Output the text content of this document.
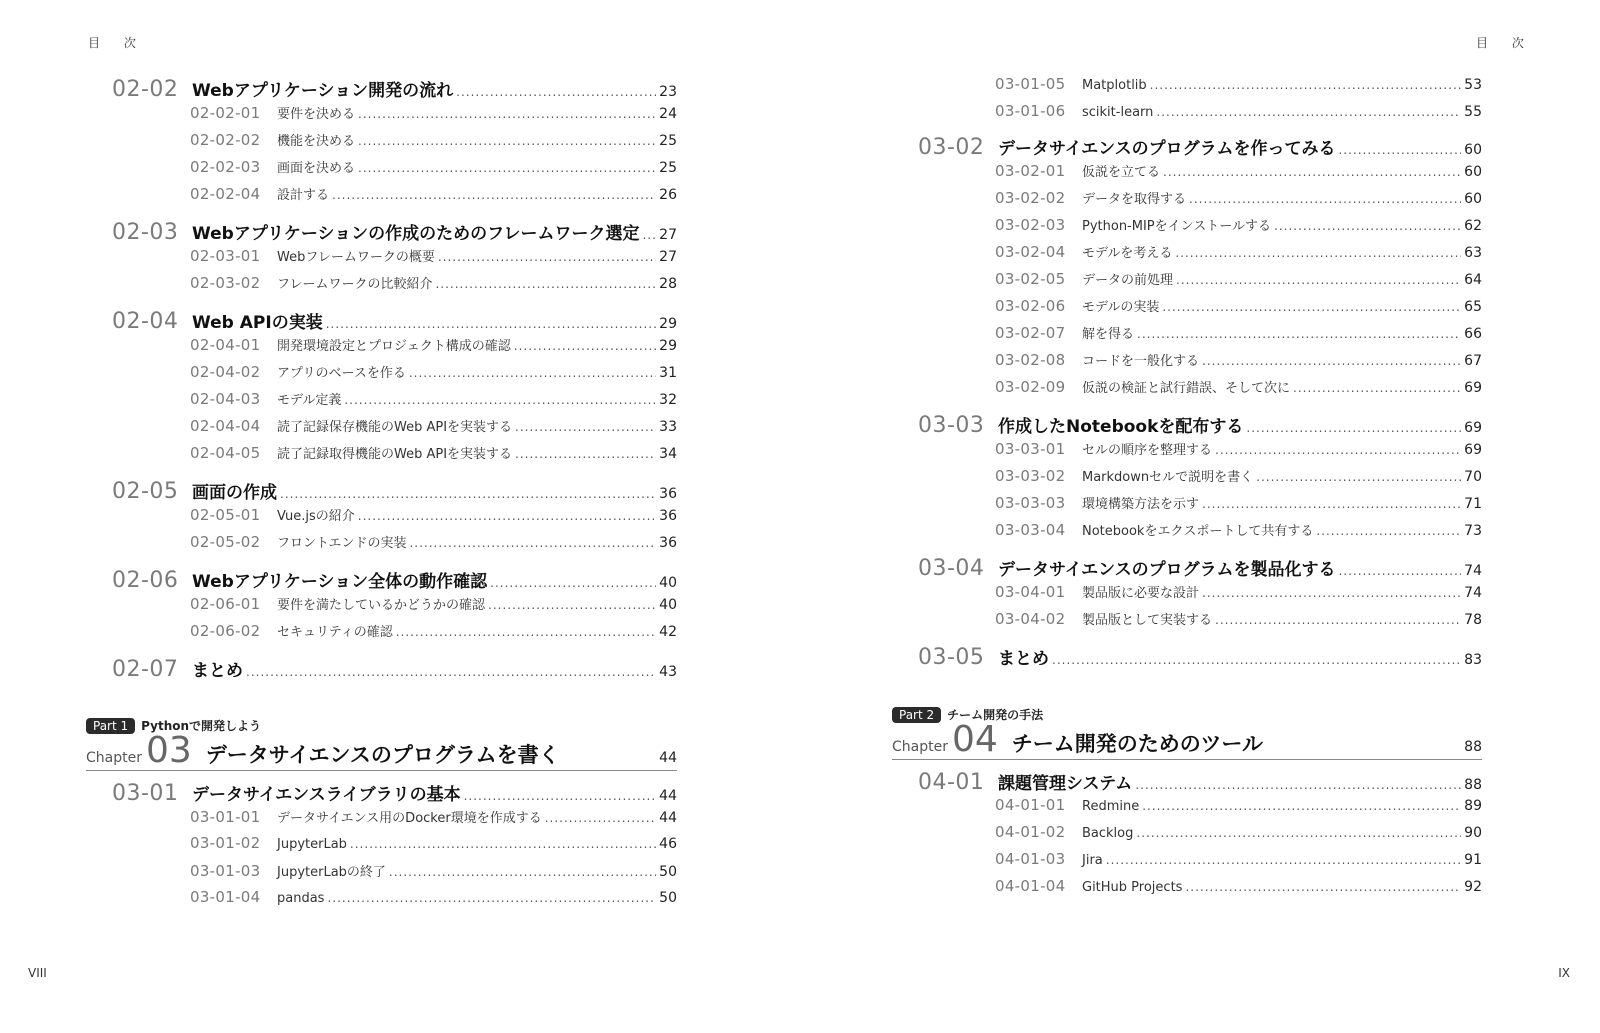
目 次
02-02 Webアプリケーション開発の流れ .....	23
02-02-01	要件を決める .....	24
02-02-02	機能を決める .....	25
02-02-03	画面を決める .....	25
02-02-04	設計する .....	26
02-03 Webアプリケーションの作成のためのフレームワーク選定 ..... 27
02-03-01	Webフレームワークの概要 .....	27
02-03-02	フレームワークの比較紹介 .....	28
02-04 Web APIの実装 .....	29
02-04-01	開発環境設定とプロジェクト構成の確認 .....	29
02-04-02	アプリのベースを作る .....	31
02-04-03	モデル定義 .....	32
02-04-04	読了記録保存機能のWeb APIを実装する .....	33
02-04-05	読了記録取得機能のWeb APIを実装する .....	34
02-05 画面の作成 .....	36
02-05-01	Vue.jsの紹介 .....	36
02-05-02	フロントエンドの実装 .....	36
02-06 Webアプリケーション全体の動作確認 .....	40
02-06-01	要件を満たしているかどうかの確認 .....	40
02-06-02	セキュリティの確認 .....	42
02-07 まとめ .....	43
Part 1	Pythonで開発しよう
Chapter 03 データサイエンスのプログラムを書く	44
03-01 データサイエンスライブラリの基本 .....	44
03-01-01	データサイエンス用のDocker環境を作成する .....	44
03-01-02	JupyterLab .....	46
03-01-03	JupyterLabの終了 .....	50
03-01-04	pandas .....	50
VIII
目 次
03-01-05	Matplotlib .....	53
03-01-06	scikit-learn .....	55
03-02 データサイエンスのプログラムを作ってみる .....	60
03-02-01	仮説を立てる .....	60
03-02-02	データを取得する .....	60
03-02-03	Python-MIPをインストールする .....	62
03-02-04	モデルを考える .....	63
03-02-05	データの前処理 .....	64
03-02-06	モデルの実装 .....	65
03-02-07	解を得る .....	66
03-02-08	コードを一般化する .....	67
03-02-09	仮説の検証と試行錯誤、そして次に .....	69
03-03 作成したNotebookを配布する .....	69
03-03-01	セルの順序を整理する .....	69
03-03-02	Markdownセルで説明を書く .....	70
03-03-03	環境構築方法を示す .....	71
03-03-04	Notebookをエクスポートして共有する .....	73
03-04 データサイエンスのプログラムを製品化する .....	74
03-04-01	製品版に必要な設計 .....	74
03-04-02	製品版として実装する .....	78
03-05 まとめ .....	83
Part 2	チーム開発の手法
Chapter 04 チーム開発のためのツール	88
04-01 課題管理システム .....	88
04-01-01	Redmine .....	89
04-01-02	Backlog .....	90
04-01-03	Jira .....	91
04-01-04	GitHub Projects .....	92
IX
